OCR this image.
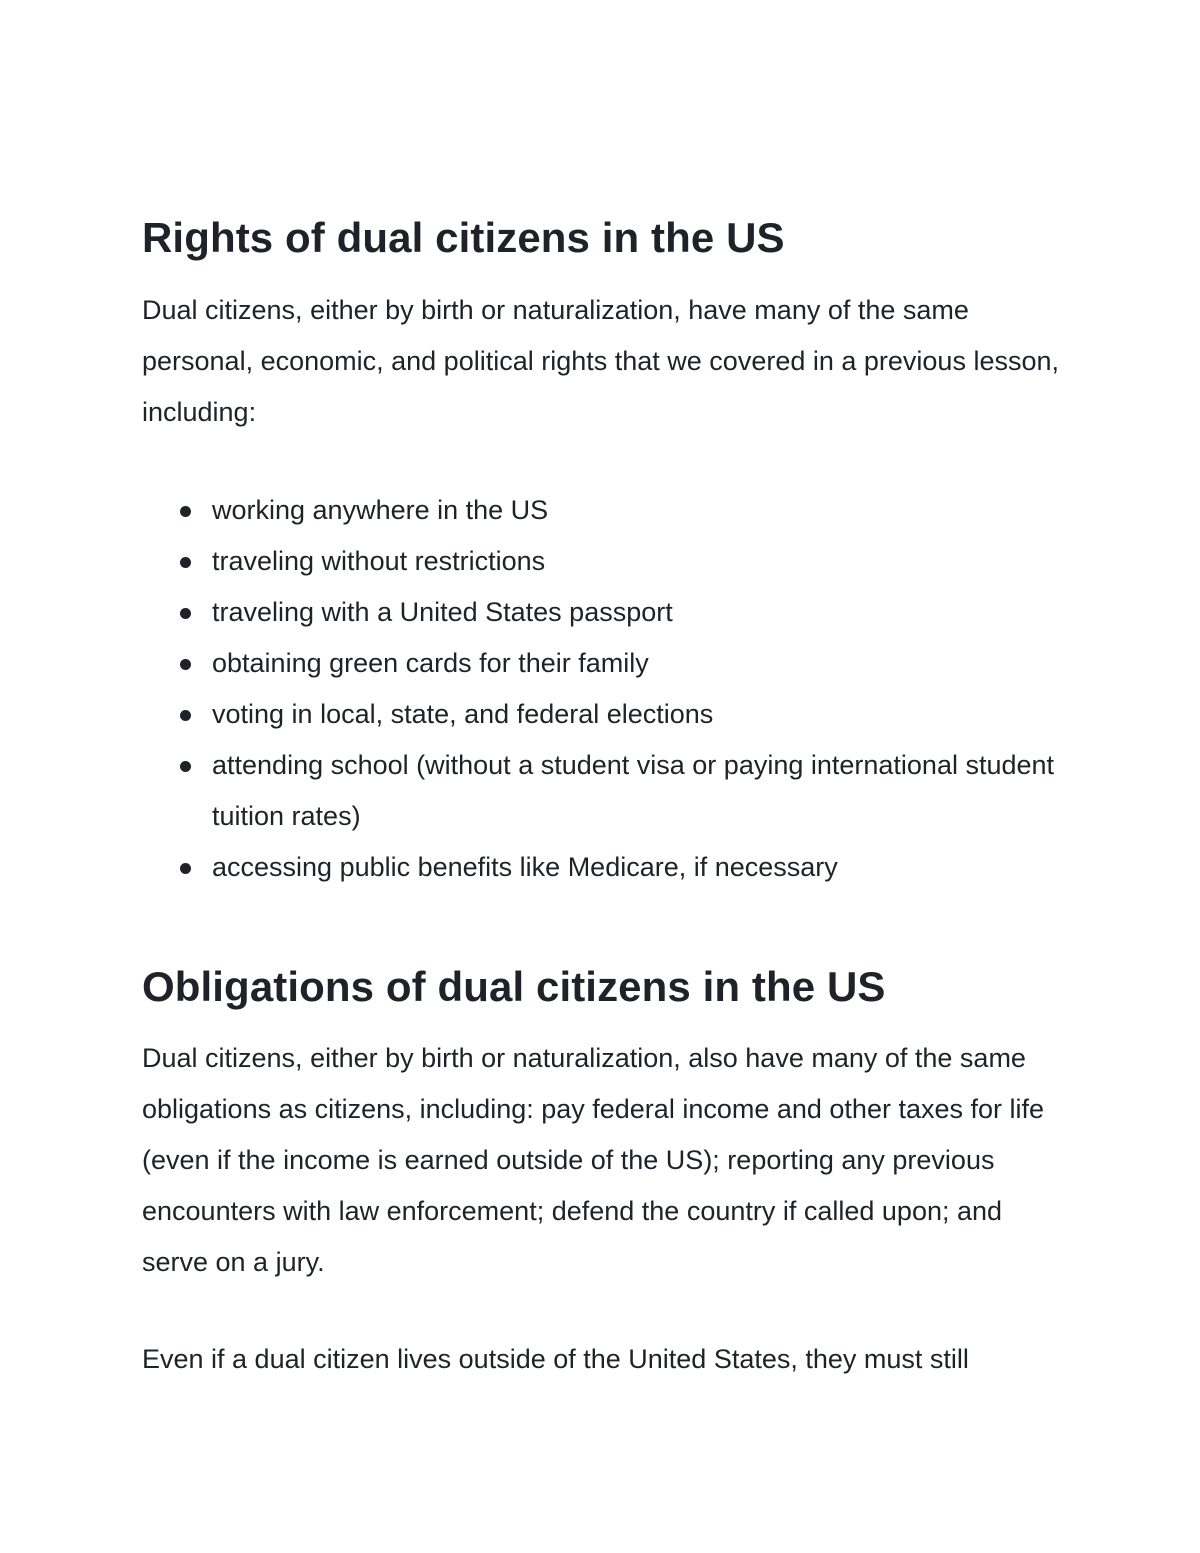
Rights of dual citizens in the US

Dual citizens, either by birth or naturalization, have many of the same personal, economic, and political rights that we covered in a previous lesson, including:

working anywhere in the US
traveling without restrictions
traveling with a United States passport
obtaining green cards for their family
voting in local, state, and federal elections
attending school (without a student visa or paying international student tuition rates)
accessing public benefits like Medicare, if necessary
Obligations of dual citizens in the US

Dual citizens, either by birth or naturalization, also have many of the same obligations as citizens, including: pay federal income and other taxes for life (even if the income is earned outside of the US); reporting any previous encounters with law enforcement; defend the country if called upon; and serve on a jury.

Even if a dual citizen lives outside of the United States, they must still
